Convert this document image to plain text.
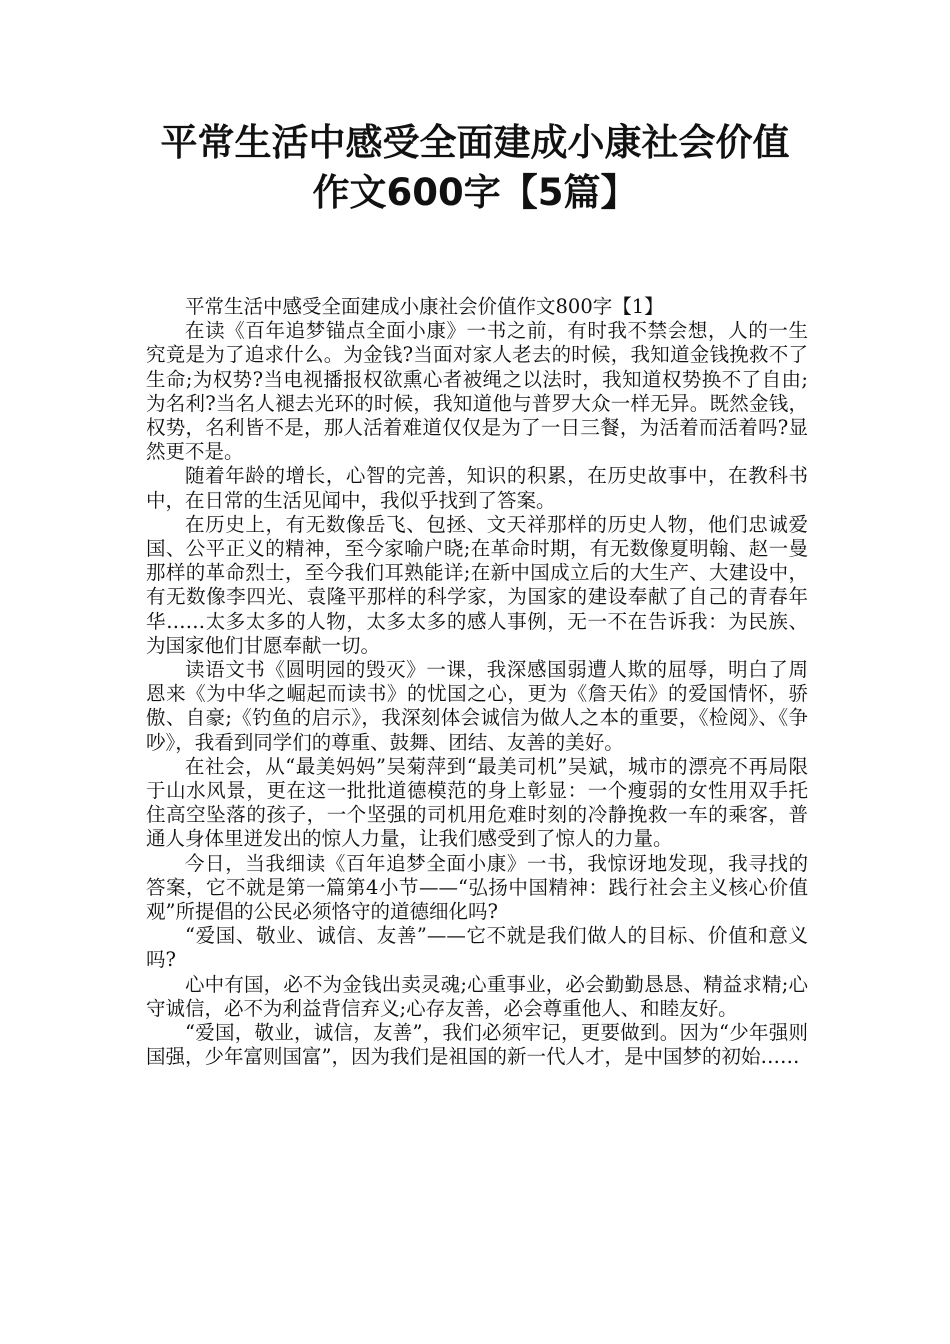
平常生活中感受全面建成小康社会价值
作文600字【5篇】

平常生活中感受全面建成小康社会价值作文800字【1】

在读《百年追梦锚点全面小康》一书之前，有时我不禁会想，人的一生究竟是为了追求什么。为金钱?当面对家人老去的时候，我知道金钱挽救不了生命;为权势?当电视播报权欲熏心者被绳之以法时，我知道权势换不了自由;为名利?当名人褪去光环的时候，我知道他与普罗大众一样无异。既然金钱，权势，名利皆不是，那人活着难道仅仅是为了一日三餐，为活着而活着吗?显然更不是。

随着年龄的增长，心智的完善，知识的积累，在历史故事中，在教科书中，在日常的生活见闻中，我似乎找到了答案。

在历史上，有无数像岳飞、包拯、文天祥那样的历史人物，他们忠诚爱国、公平正义的精神，至今家喻户晓;在革命时期，有无数像夏明翰、赵一曼那样的革命烈士，至今我们耳熟能详;在新中国成立后的大生产、大建设中，有无数像李四光、袁隆平那样的科学家，为国家的建设奉献了自己的青春年华……太多太多的人物，太多太多的感人事例，无一不在告诉我：为民族、为国家他们甘愿奉献一切。

读语文书《圆明园的毁灭》一课，我深感国弱遭人欺的屈辱，明白了周恩来《为中华之崛起而读书》的忧国之心，更为《詹天佑》的爱国情怀，骄傲、自豪;《钓鱼的启示》，我深刻体会诚信为做人之本的重要，《检阅》、《争吵》，我看到同学们的尊重、鼓舞、团结、友善的美好。

在社会，从“最美妈妈”吴菊萍到“最美司机”吴斌，城市的漂亮不再局限于山水风景，更在这一批批道德模范的身上彰显：一个瘦弱的女性用双手托住高空坠落的孩子，一个坚强的司机用危难时刻的冷静挽救一车的乘客，普通人身体里迸发出的惊人力量，让我们感受到了惊人的力量。

今日，当我细读《百年追梦全面小康》一书，我惊讶地发现，我寻找的答案，它不就是第一篇第4小节——“弘扬中国精神：践行社会主义核心价值观”所提倡的公民必须恪守的道德细化吗?

“爱国、敬业、诚信、友善”——它不就是我们做人的目标、价值和意义吗?

心中有国，必不为金钱出卖灵魂;心重事业，必会勤勤恳恳、精益求精;心守诚信，必不为利益背信弃义;心存友善，必会尊重他人、和睦友好。

“爱国，敬业，诚信，友善”，我们必须牢记，更要做到。因为“少年强则国强，少年富则国富”，因为我们是祖国的新一代人才，是中国梦的初始……
